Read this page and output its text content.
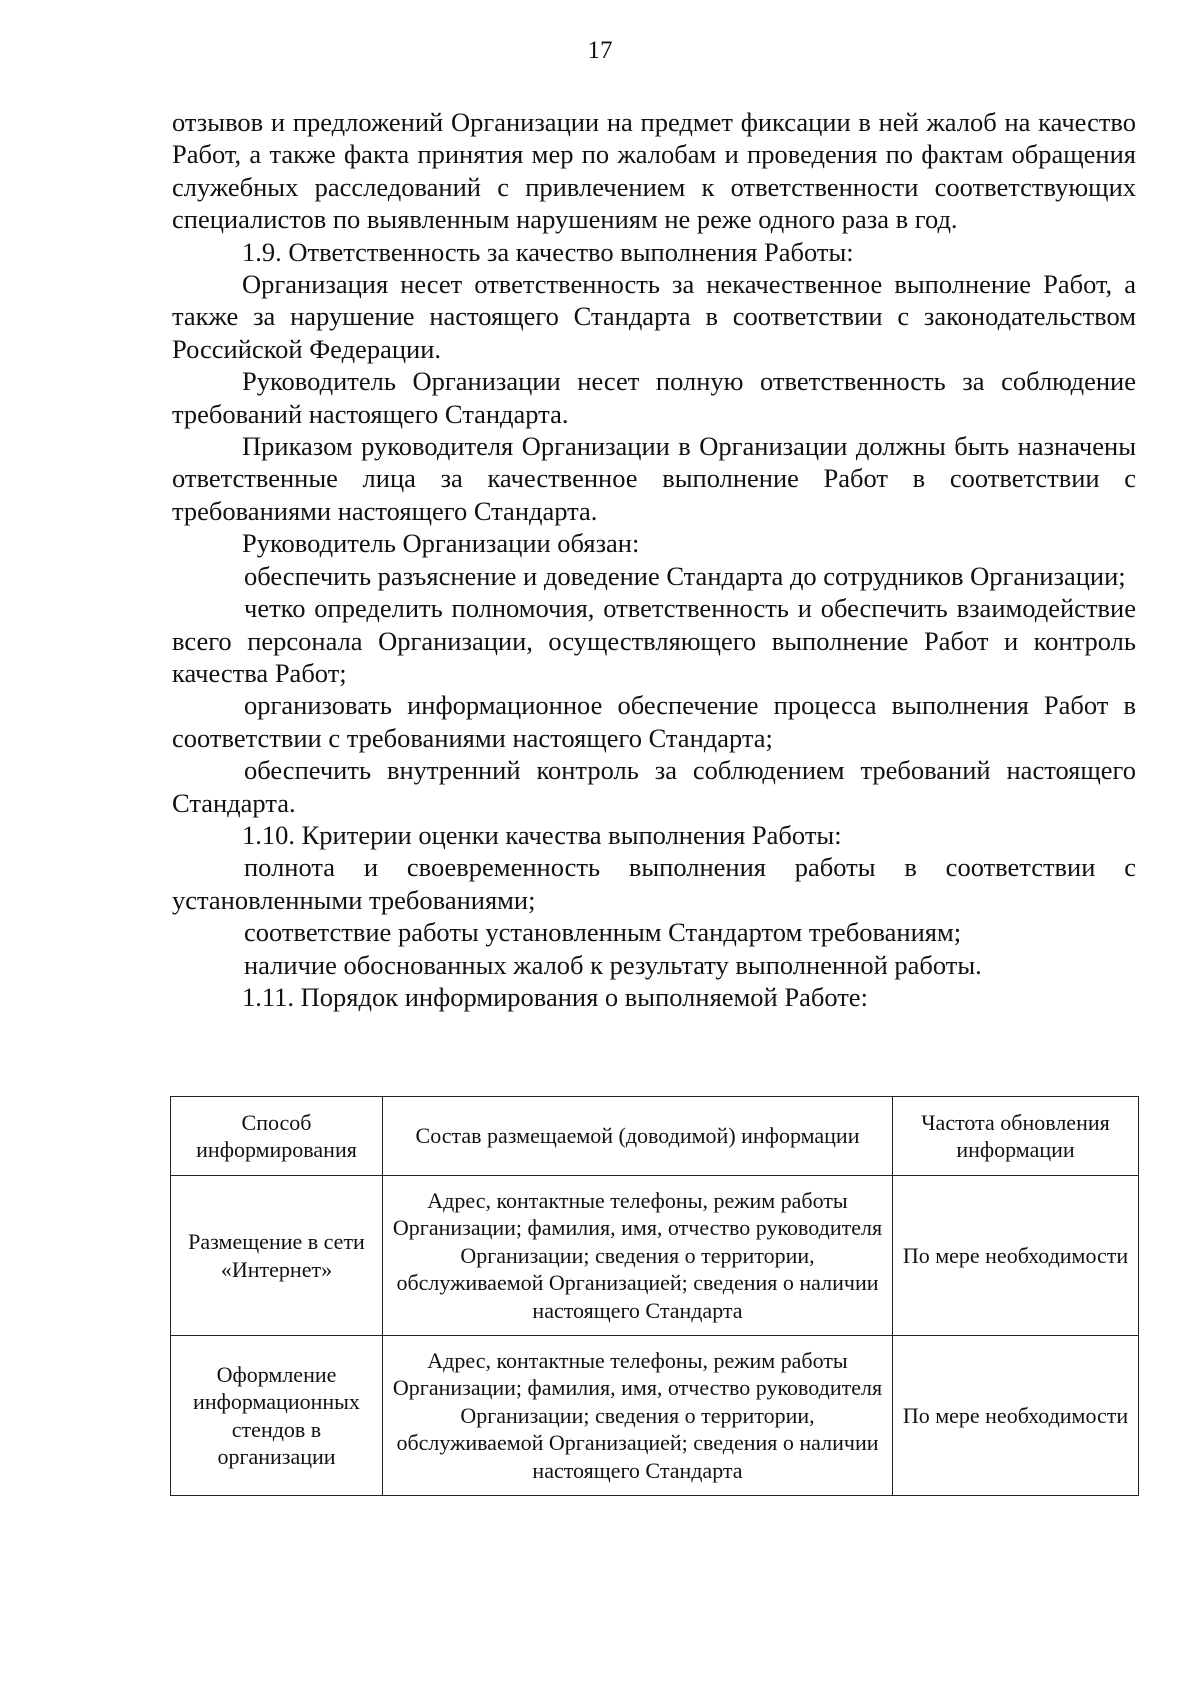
17

отзывов и предложений Организации на предмет фиксации в ней жалоб на качество Работ, а также факта принятия мер по жалобам и проведения по фактам обращения служебных расследований с привлечением к ответственности соответствующих специалистов по выявленным нарушениям не реже одного раза в год.

1.9. Ответственность за качество выполнения Работы:

Организация несет ответственность за некачественное выполнение Работ, а также за нарушение настоящего Стандарта в соответствии с законодательством Российской Федерации.

Руководитель Организации несет полную ответственность за соблюдение требований настоящего Стандарта.

Приказом руководителя Организации в Организации должны быть назначены ответственные лица за качественное выполнение Работ в соответствии с требованиями настоящего Стандарта.

Руководитель Организации обязан:

обеспечить разъяснение и доведение Стандарта до сотрудников Организации;

четко определить полномочия, ответственность и обеспечить взаимодействие всего персонала Организации, осуществляющего выполнение Работ и контроль качества Работ;

организовать информационное обеспечение процесса выполнения Работ в соответствии с требованиями настоящего Стандарта;

обеспечить внутренний контроль за соблюдением требований настоящего Стандарта.

1.10. Критерии оценки качества выполнения Работы:

полнота и своевременность выполнения работы в соответствии с установленными требованиями;

соответствие работы установленным Стандартом требованиям;

наличие обоснованных жалоб к результату выполненной работы.

1.11. Порядок информирования о выполняемой Работе:

Способ информирования	Состав размещаемой (доводимой) информации	Частота обновления информации
Размещение в сети «Интернет»	Адрес, контактные телефоны, режим работы Организации; фамилия, имя, отчество руководителя Организации; сведения о территории, обслуживаемой Организацией; сведения о наличии настоящего Стандарта	По мере необходимости
Оформление информационных стендов в организации	Адрес, контактные телефоны, режим работы Организации; фамилия, имя, отчество руководителя Организации; сведения о территории, обслуживаемой Организацией; сведения о наличии настоящего Стандарта	По мере необходимости
